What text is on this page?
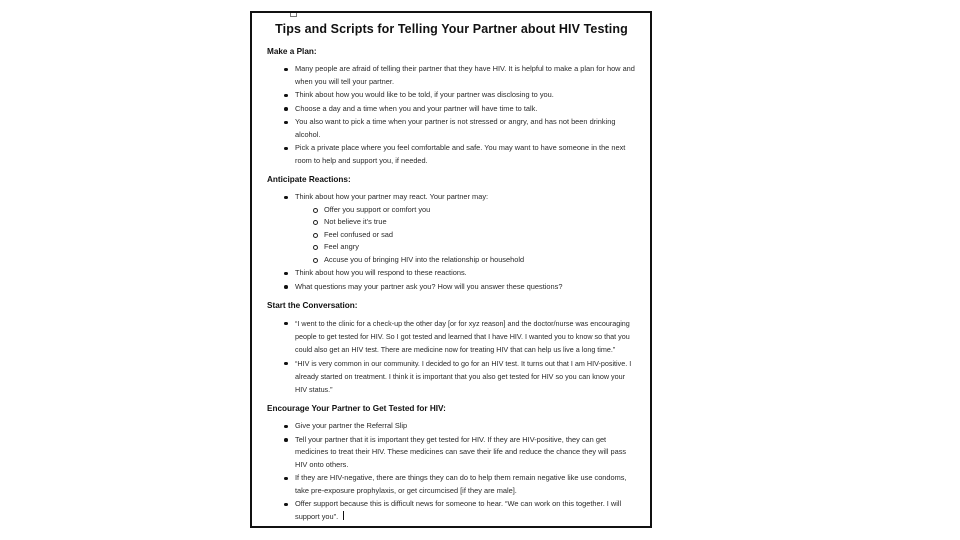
Tips and Scripts for Telling Your Partner about HIV Testing
Make a Plan:
Many people are afraid of telling their partner that they have HIV. It is helpful to make a plan for how and when you will tell your partner.
Think about how you would like to be told, if your partner was disclosing to you.
Choose a day and a time when you and your partner will have time to talk.
You also want to pick a time when your partner is not stressed or angry, and has not been drinking alcohol.
Pick a private place where you feel comfortable and safe. You may want to have someone in the next room to help and support you, if needed.
Anticipate Reactions:
Think about how your partner may react. Your partner may:
Offer you support or comfort you
Not believe it's true
Feel confused or sad
Feel angry
Accuse you of bringing HIV into the relationship or household
Think about how you will respond to these reactions.
What questions may your partner ask you? How will you answer these questions?
Start the Conversation:
“I went to the clinic for a check-up the other day [or for xyz reason] and the doctor/nurse was encouraging people to get tested for HIV. So I got tested and learned that I have HIV. I wanted you to know so that you could also get an HIV test. There are medicine now for treating HIV that can help us live a long time.”
“HIV is very common in our community. I decided to go for an HIV test. It turns out that I am HIV-positive. I already started on treatment. I think it is important that you also get tested for HIV so you can know your HIV status.”
Encourage Your Partner to Get Tested for HIV:
Give your partner the Referral Slip
Tell your partner that it is important they get tested for HIV. If they are HIV-positive, they can get medicines to treat their HIV. These medicines can save their life and reduce the chance they will pass HIV onto others.
If they are HIV-negative, there are things they can do to help them remain negative like use condoms, take pre-exposure prophylaxis, or get circumcised [if they are male].
Offer support because this is difficult news for someone to hear. “We can work on this together. I will support you”.
